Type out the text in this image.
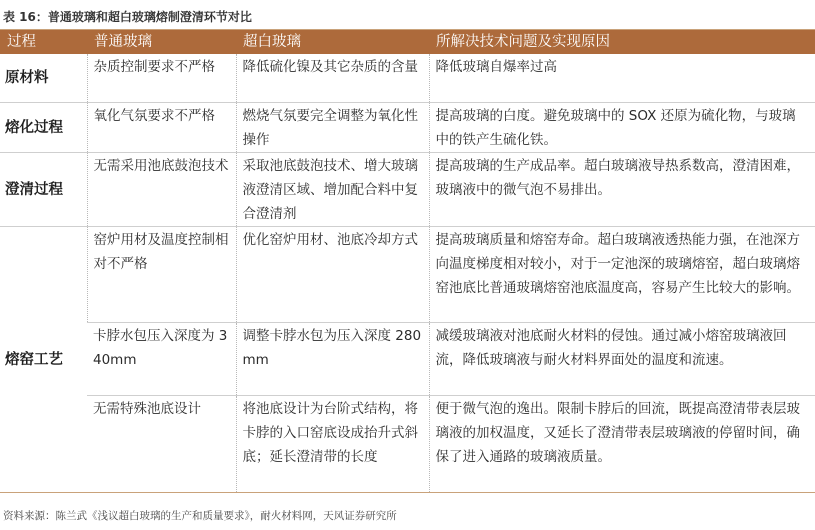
表 16：普通玻璃和超白玻璃熔制澄清环节对比
过程	普通玻璃	超白玻璃	所解决技术问题及实现原因
原材料	杂质控制要求不严格	降低硫化镍及其它杂质的含量	降低玻璃自爆率过高
熔化过程	氧化气氛要求不严格	燃烧气氛要完全调整为氧化性操作	提高玻璃的白度。避免玻璃中的 SOX 还原为硫化物，与玻璃中的铁产生硫化铁。
澄清过程	无需采用池底鼓泡技术	采取池底鼓泡技术、增大玻璃液澄清区域、增加配合料中复合澄清剂	提高玻璃的生产成品率。超白玻璃液导热系数高，澄清困难，玻璃液中的微气泡不易排出。
熔窑工艺	窑炉用材及温度控制相对不严格	优化窑炉用材、池底冷却方式	提高玻璃质量和熔窑寿命。超白玻璃液透热能力强，在池深方向温度梯度相对较小，对于一定池深的玻璃熔窑，超白玻璃熔窑池底比普通玻璃熔窑池底温度高，容易产生比较大的影响。
	卡脖水包压入深度为 340mm	调整卡脖水包为压入深度 280mm	减缓玻璃液对池底耐火材料的侵蚀。通过减小熔窑玻璃液回流，降低玻璃液与耐火材料界面处的温度和流速。
	无需特殊池底设计	将池底设计为台阶式结构，将卡脖的入口窑底设成抬升式斜底；延长澄清带的长度	便于微气泡的逸出。限制卡脖后的回流，既提高澄清带表层玻璃液的加权温度，又延长了澄清带表层玻璃液的停留时间，确保了进入通路的玻璃液质量。
资料来源：陈兰武《浅议超白玻璃的生产和质量要求》，耐火材料网，天风证券研究所
